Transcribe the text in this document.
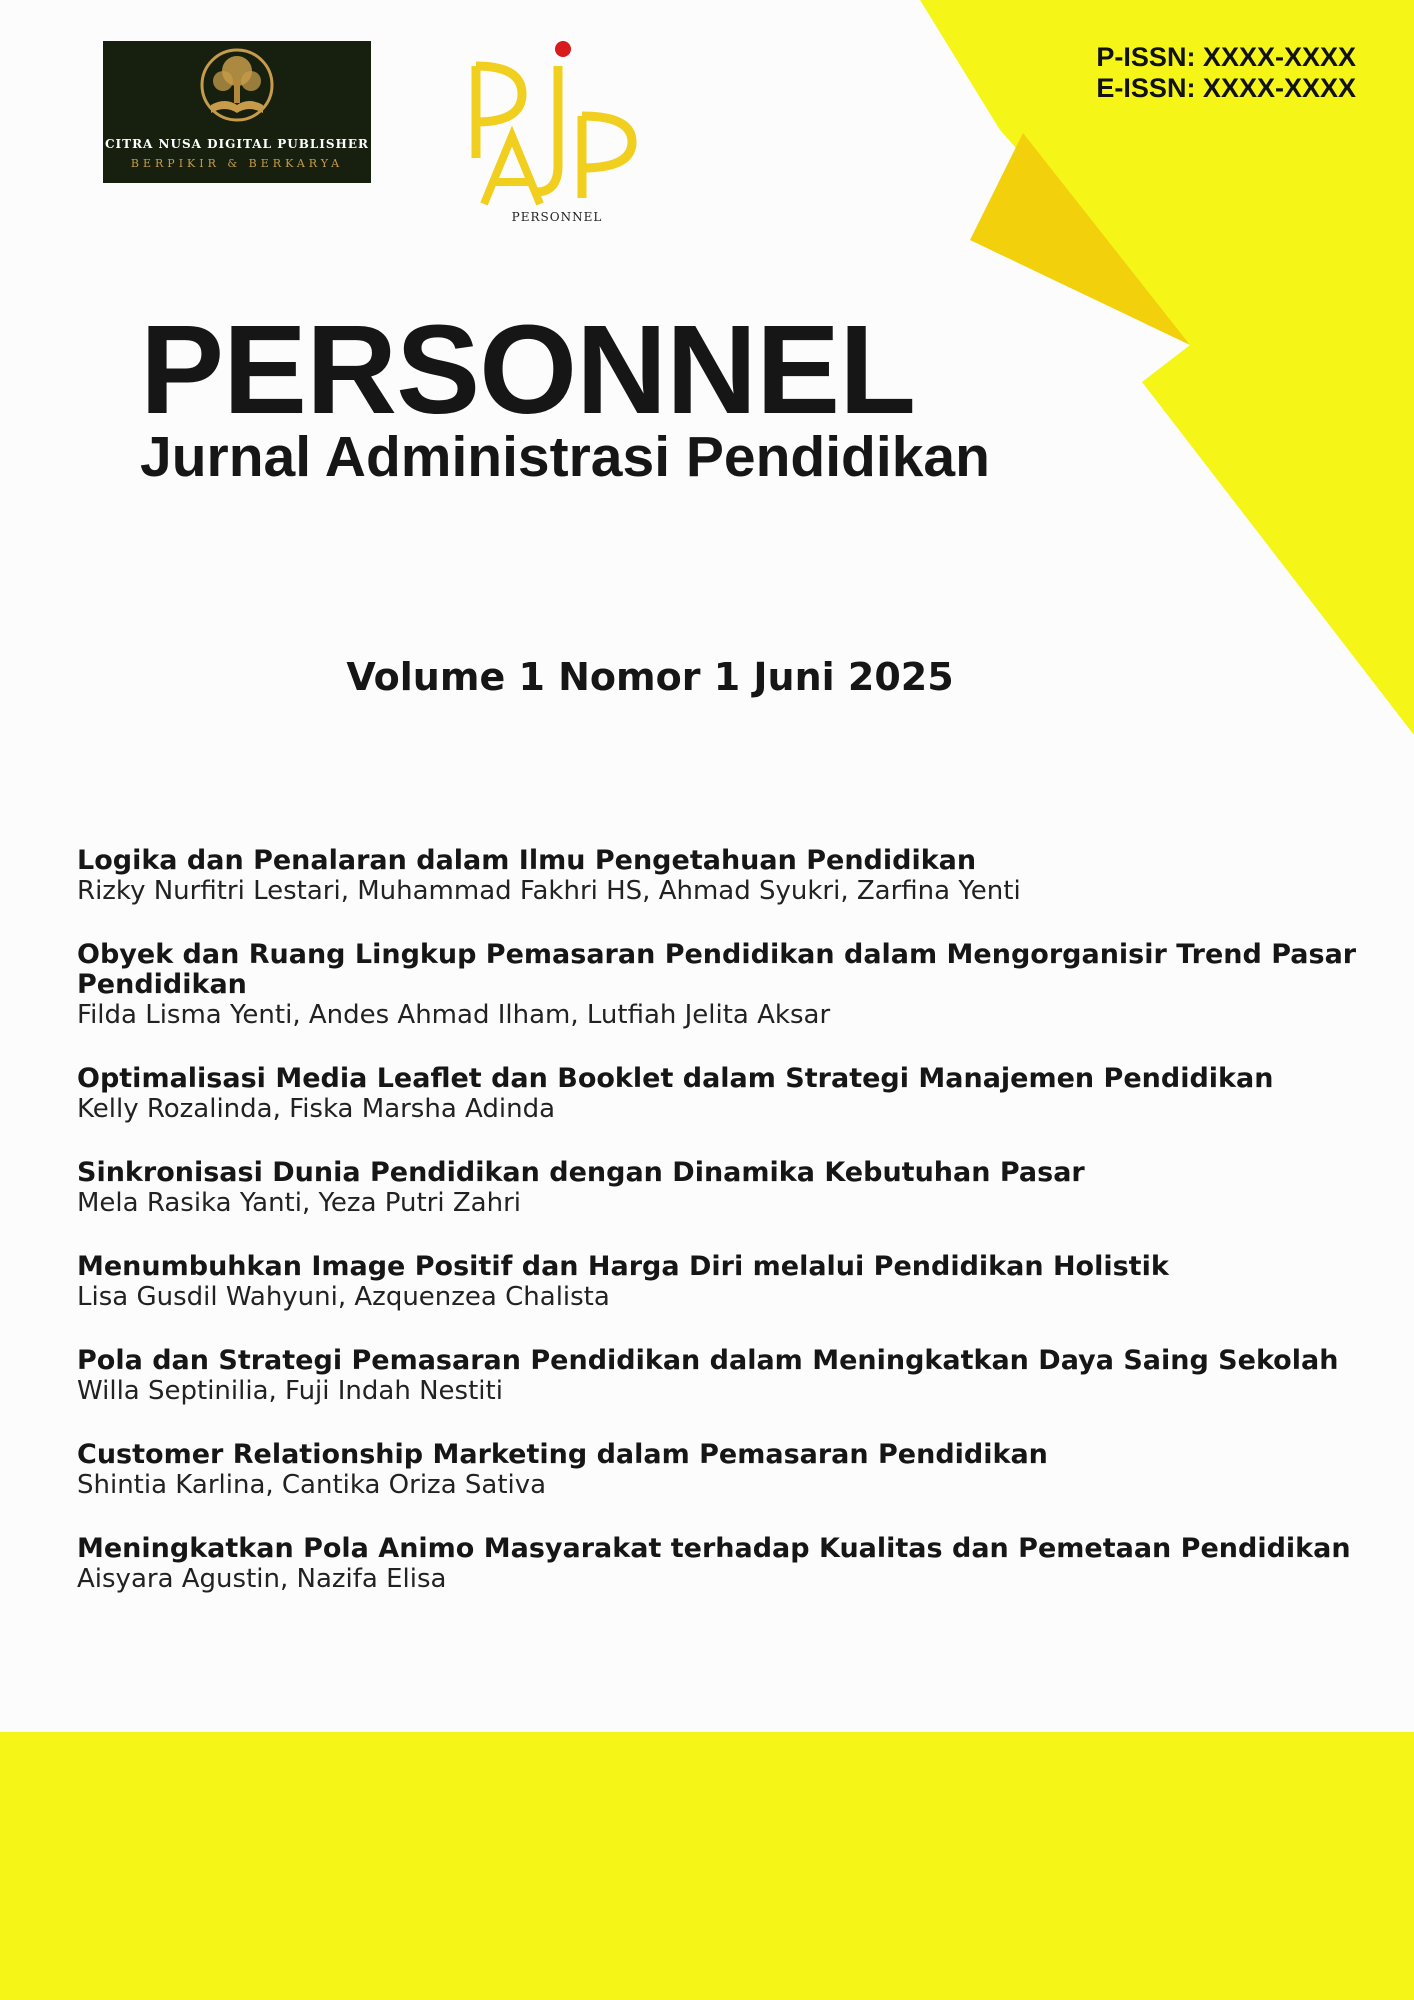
CITRA NUSA DIGITAL PUBLISHER
BERPIKIR & BERKARYA
PERSONNEL
P-ISSN: XXXX-XXXX
E-ISSN: XXXX-XXXX
PERSONNEL
Jurnal Administrasi Pendidikan
Volume 1 Nomor 1 Juni 2025
Logika dan Penalaran dalam Ilmu Pengetahuan Pendidikan
Rizky Nurfitri Lestari, Muhammad Fakhri HS, Ahmad Syukri, Zarfina Yenti
Obyek dan Ruang Lingkup Pemasaran Pendidikan dalam Mengorganisir Trend Pasar Pendidikan
Filda Lisma Yenti, Andes Ahmad Ilham, Lutfiah Jelita Aksar
Optimalisasi Media Leaflet dan Booklet dalam Strategi Manajemen Pendidikan
Kelly Rozalinda, Fiska Marsha Adinda
Sinkronisasi Dunia Pendidikan dengan Dinamika Kebutuhan Pasar
Mela Rasika Yanti, Yeza Putri Zahri
Menumbuhkan Image Positif dan Harga Diri melalui Pendidikan Holistik
Lisa Gusdil Wahyuni, Azquenzea Chalista
Pola dan Strategi Pemasaran Pendidikan dalam Meningkatkan Daya Saing Sekolah
Willa Septinilia, Fuji Indah Nestiti
Customer Relationship Marketing dalam Pemasaran Pendidikan
Shintia Karlina, Cantika Oriza Sativa
Meningkatkan Pola Animo Masyarakat terhadap Kualitas dan Pemetaan Pendidikan
Aisyara Agustin, Nazifa Elisa
